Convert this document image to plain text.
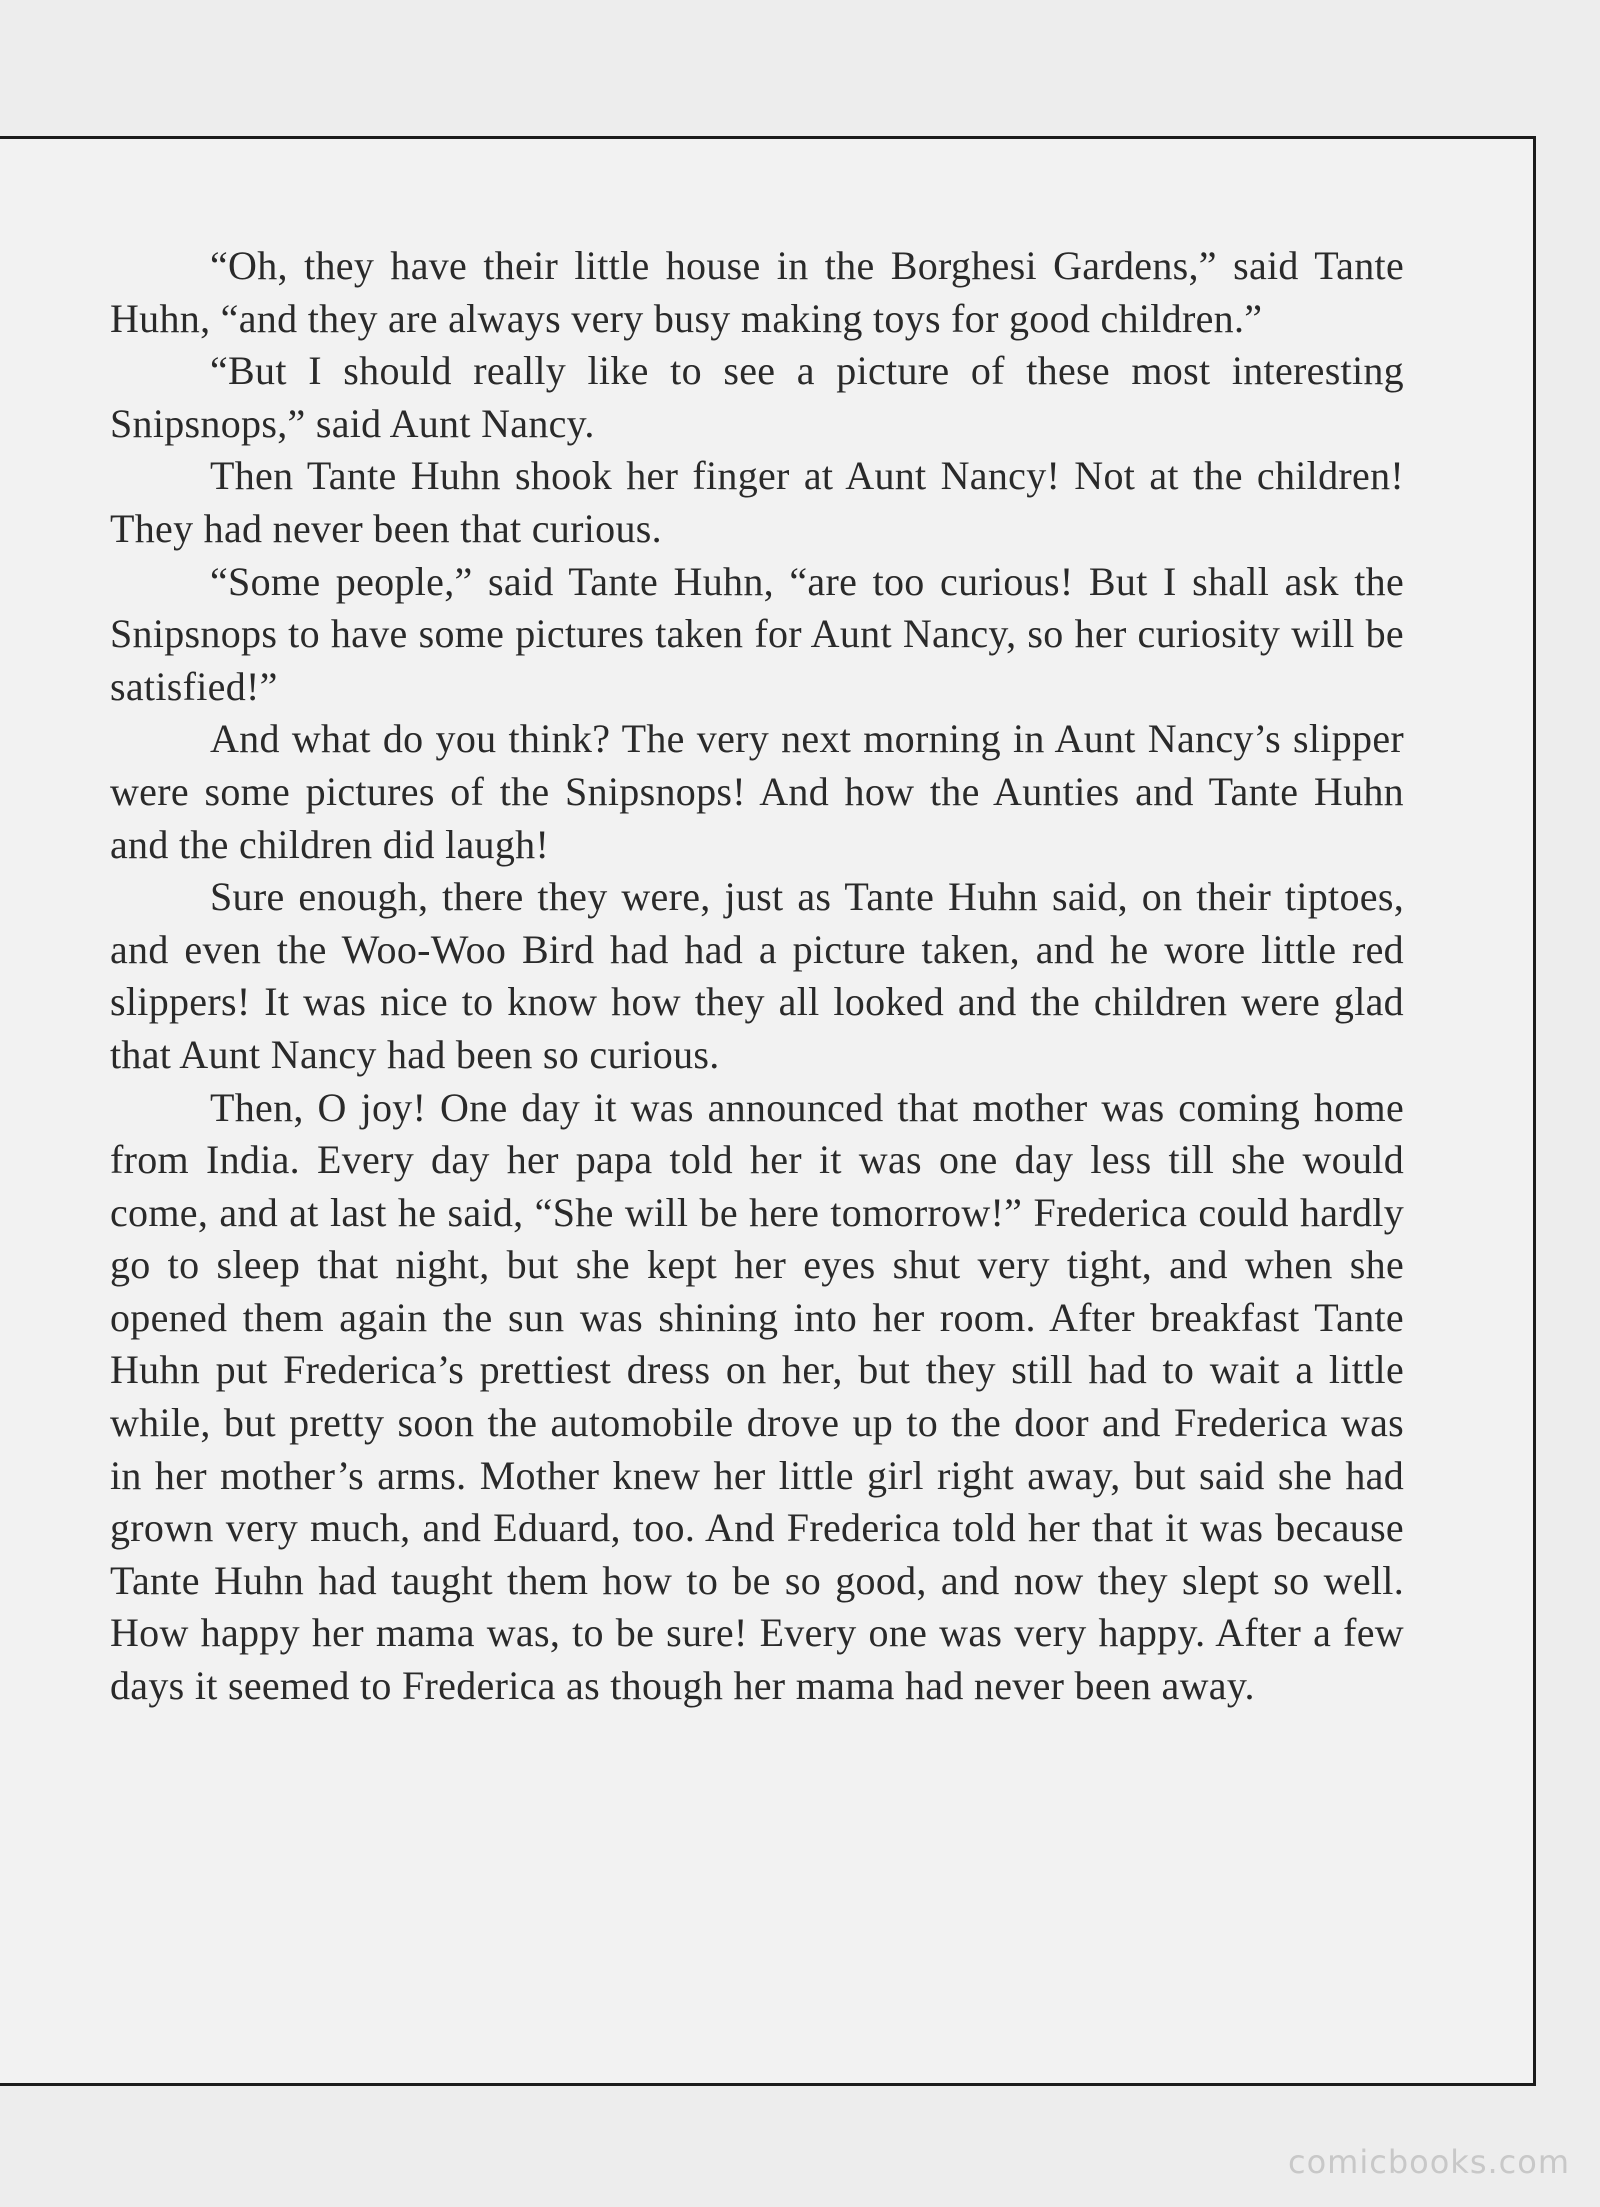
“Oh, they have their little house in the Borghesi Gardens,” said Tante Huhn, “and they are always very busy making toys for good children.”

“But I should really like to see a picture of these most interesting Snipsnops,” said Aunt Nancy.

Then Tante Huhn shook her finger at Aunt Nancy! Not at the children! They had never been that curious.

“Some people,” said Tante Huhn, “are too curious! But I shall ask the Snipsnops to have some pictures taken for Aunt Nancy, so her curiosity will be satisfied!”

And what do you think? The very next morning in Aunt Nancy’s slipper were some pictures of the Snipsnops! And how the Aunties and Tante Huhn and the children did laugh!

Sure enough, there they were, just as Tante Huhn said, on their tiptoes, and even the Woo-Woo Bird had had a picture taken, and he wore little red slippers! It was nice to know how they all looked and the children were glad that Aunt Nancy had been so curious.

Then, O joy! One day it was announced that mother was coming home from India. Every day her papa told her it was one day less till she would come, and at last he said, “She will be here tomorrow!” Frederica could hardly go to sleep that night, but she kept her eyes shut very tight, and when she opened them again the sun was shining into her room. After breakfast Tante Huhn put Frederica’s prettiest dress on her, but they still had to wait a little while, but pretty soon the automobile drove up to the door and Frederica was in her mother’s arms. Mother knew her little girl right away, but said she had grown very much, and Eduard, too. And Frederica told her that it was because Tante Huhn had taught them how to be so good, and now they slept so well. How happy her mama was, to be sure! Every one was very happy. After a few days it seemed to Frederica as though her mama had never been away.

comicbooks.com
